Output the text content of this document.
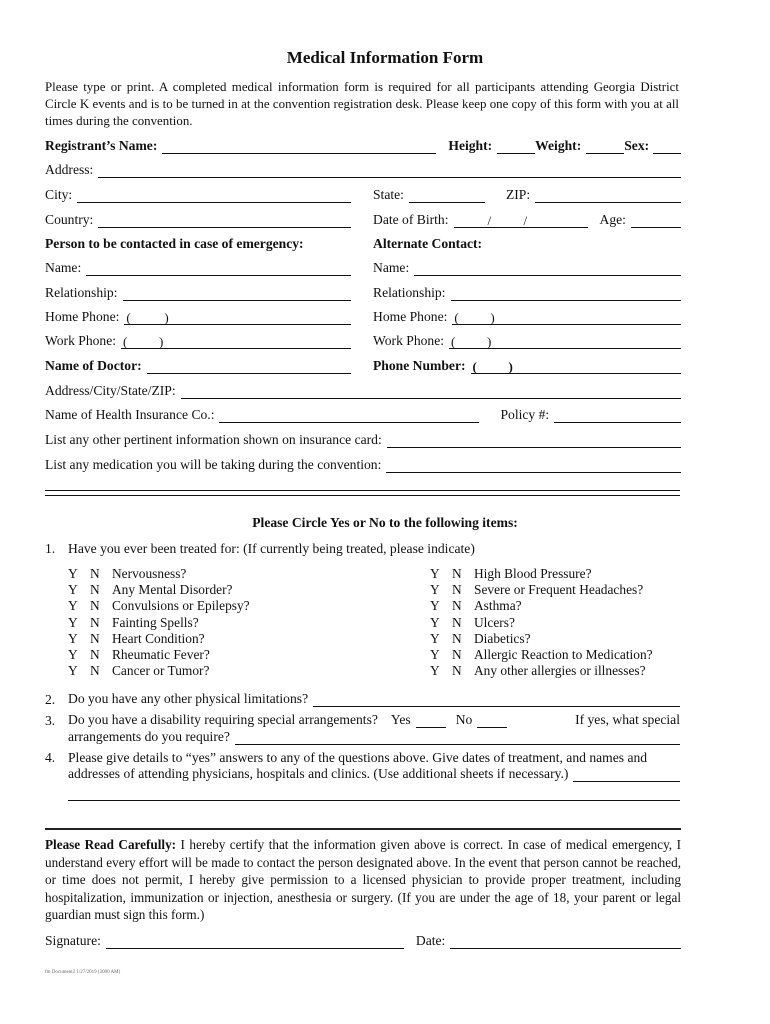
Medical Information Form
Please type or print. A completed medical information form is required for all participants attending Georgia District Circle K events and is to be turned in at the convention registration desk. Please keep one copy of this form with you at all times during the convention.
Registrant’s Name:	Height:	Weight:	Sex:
Address:
City:	State:	ZIP:
Country:	Date of Birth:	/ /	Age:
Person to be contacted in case of emergency:	Alternate Contact:
Name:	Name:
Relationship:	Relationship:
Home Phone: (	)	Home Phone: ( )
Work Phone: ( )	Work Phone: ( )
Name of Doctor:	Phone Number: ( )
Address/City/State/ZIP:
Name of Health Insurance Co.:	Policy #:
List any other pertinent information shown on insurance card:
List any medication you will be taking during the convention:
Please Circle Yes or No to the following items:
1. Have you ever been treated for: (If currently being treated, please indicate)
Y N Nervousness?
Y N Any Mental Disorder?
Y N Convulsions or Epilepsy?
Y N Fainting Spells?
Y N Heart Condition?
Y N Rheumatic Fever?
Y N Cancer or Tumor?
Y N High Blood Pressure?
Y N Severe or Frequent Headaches?
Y N Asthma?
Y N Ulcers?
Y N Diabetics?
Y N Allergic Reaction to Medication?
Y N Any other allergies or illnesses?
2. Do you have any other physical limitations?
3. Do you have a disability requiring special arrangements? Yes	No	If yes, what special
arrangements do you require?
4. Please give details to “yes” answers to any of the questions above. Give dates of treatment, and names and
addresses of attending physicians, hospitals and clinics. (Use additional sheets if necessary.)
Please Read Carefully: I hereby certify that the information given above is correct. In case of medical emergency, I understand every effort will be made to contact the person designated above. In the event that person cannot be reached, or time does not permit, I hereby give permission to a licensed physician to provide proper treatment, including hospitalization, immunization or injection, anesthesia or surgery. (If you are under the age of 18, your parent or legal guardian must sign this form.)
Signature:	Date:
fm Document2 1/27/2019 (3000 AM)
